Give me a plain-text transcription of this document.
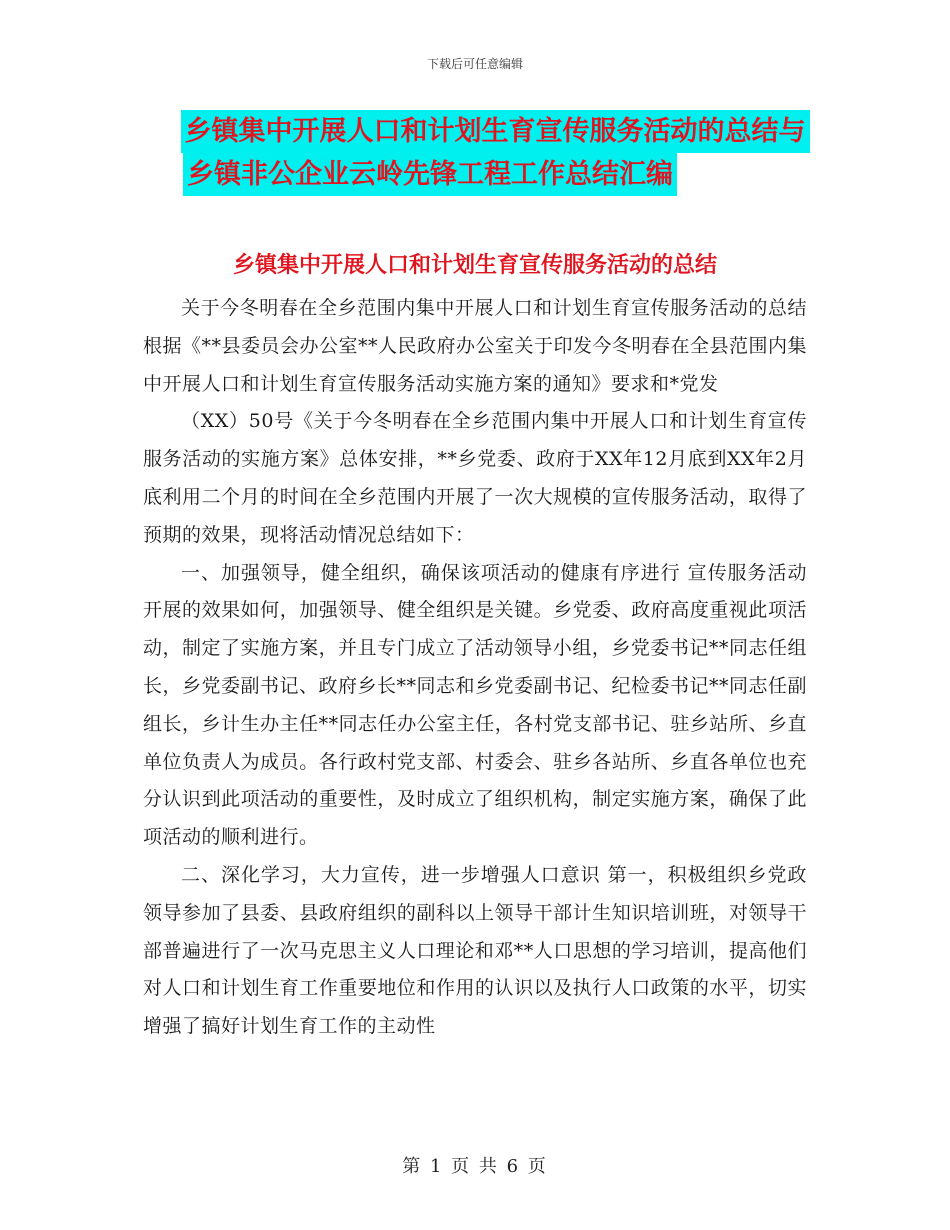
下载后可任意编辑
乡镇集中开展人口和计划生育宣传服务活动的总结与
乡镇非公企业云岭先锋工程工作总结汇编
乡镇集中开展人口和计划生育宣传服务活动的总结

关于今冬明春在全乡范围内集中开展人口和计划生育宣传服务活动的总结　　根据《**县委员会办公室**人民政府办公室关于印发今冬明春在全县范围内集中开展人口和计划生育宣传服务活动实施方案的通知》要求和*党发

（XX）50号《关于今冬明春在全乡范围内集中开展人口和计划生育宣传服务活动的实施方案》总体安排，**乡党委、政府于XX年12月底到XX年2月底利用二个月的时间在全乡范围内开展了一次大规模的宣传服务活动，取得了预期的效果，现将活动情况总结如下：

一、加强领导，健全组织，确保该项活动的健康有序进行 宣传服务活动开展的效果如何，加强领导、健全组织是关键。乡党委、政府高度重视此项活动，制定了实施方案，并且专门成立了活动领导小组，乡党委书记**同志任组长，乡党委副书记、政府乡长**同志和乡党委副书记、纪检委书记**同志任副组长，乡计生办主任**同志任办公室主任，各村党支部书记、驻乡站所、乡直单位负责人为成员。各行政村党支部、村委会、驻乡各站所、乡直各单位也充分认识到此项活动的重要性，及时成立了组织机构，制定实施方案，确保了此项活动的顺利进行。

二、深化学习，大力宣传，进一步增强人口意识 第一，积极组织乡党政领导参加了县委、县政府组织的副科以上领导干部计生知识培训班，对领导干部普遍进行了一次马克思主义人口理论和邓**人口思想的学习培训，提高他们对人口和计划生育工作重要地位和作用的认识以及执行人口政策的水平，切实增强了搞好计划生育工作的主动性

第 1 页 共 6 页
